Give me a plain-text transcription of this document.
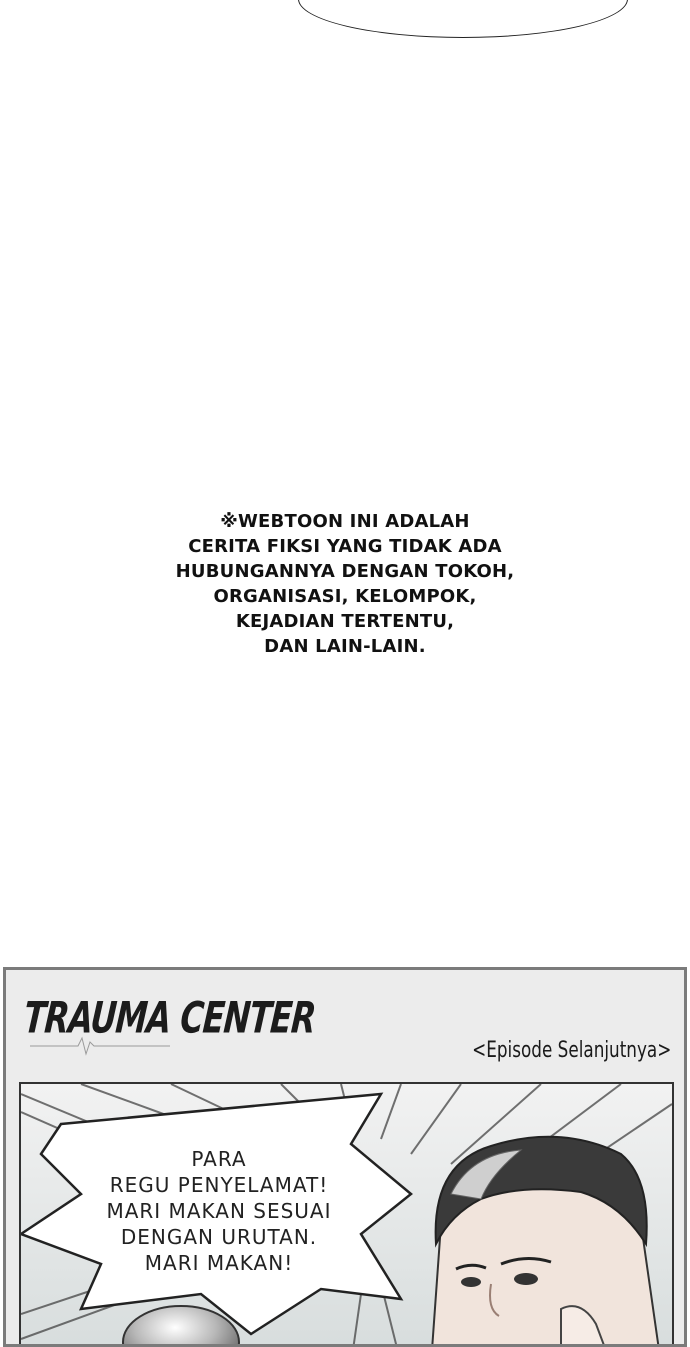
※WEBTOON INI ADALAH
CERITA FIKSI YANG TIDAK ADA
HUBUNGANNYA DENGAN TOKOH,
ORGANISASI, KELOMPOK,
KEJADIAN TERTENTU,
DAN LAIN-LAIN.
TRAUMA CENTER
<Episode Selanjutnya>
PARA
REGU PENYELAMAT!
MARI MAKAN SESUAI
DENGAN URUTAN.
MARI MAKAN!
